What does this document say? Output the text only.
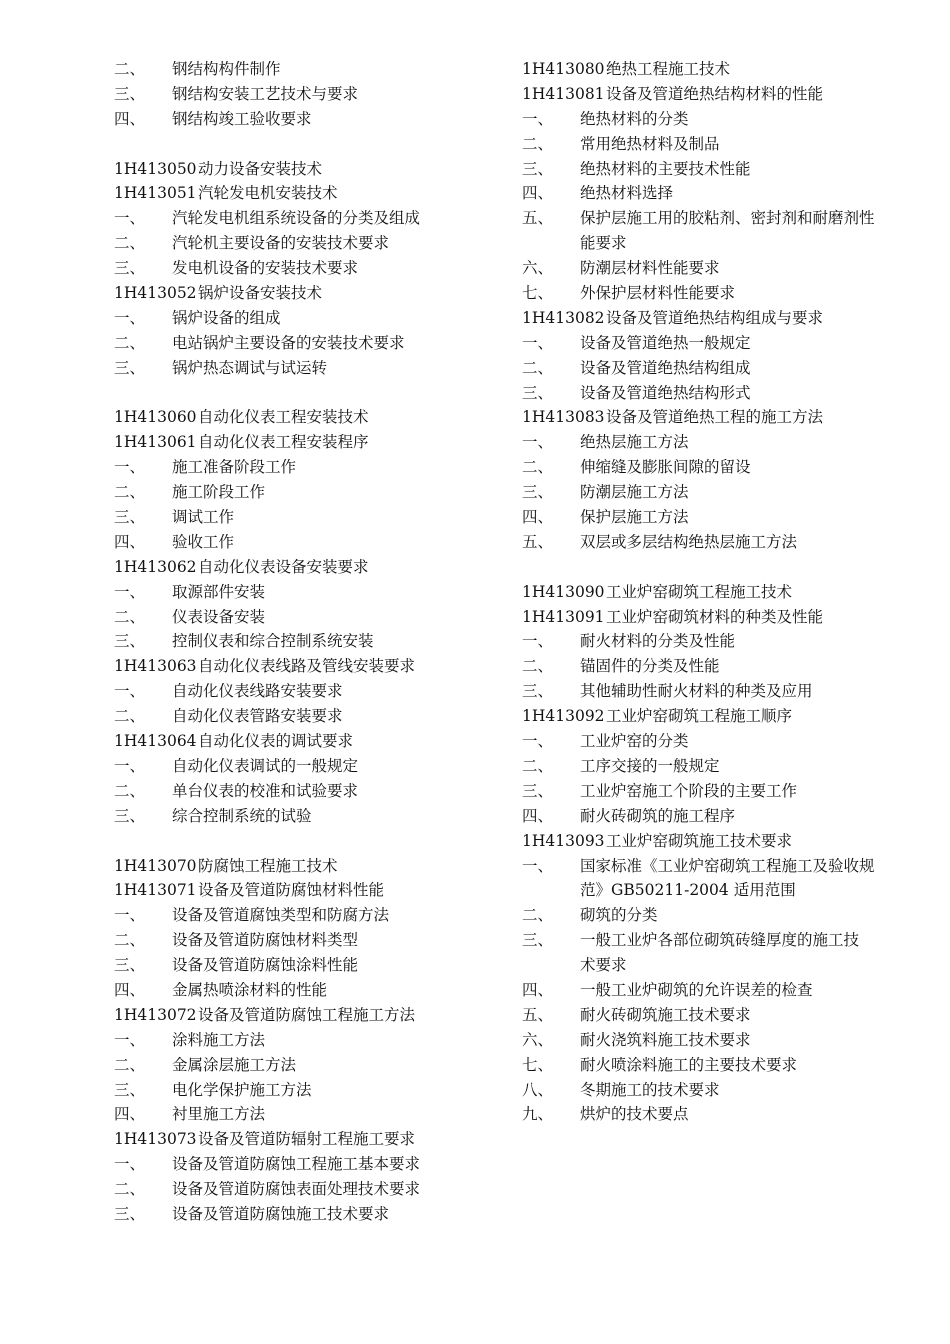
二、 钢结构构件制作
三、 钢结构安装工艺技术与要求
四、 钢结构竣工验收要求
1H413050 动力设备安装技术
1H413051 汽轮发电机安装技术
一、 汽轮发电机组系统设备的分类及组成
二、 汽轮机主要设备的安装技术要求
三、 发电机设备的安装技术要求
1H413052 锅炉设备安装技术
一、 锅炉设备的组成
二、 电站锅炉主要设备的安装技术要求
三、 锅炉热态调试与试运转
1H413060 自动化仪表工程安装技术
1H413061 自动化仪表工程安装程序
一、 施工准备阶段工作
二、 施工阶段工作
三、 调试工作
四、 验收工作
1H413062 自动化仪表设备安装要求
一、 取源部件安装
二、 仪表设备安装
三、 控制仪表和综合控制系统安装
1H413063 自动化仪表线路及管线安装要求
一、 自动化仪表线路安装要求
二、 自动化仪表管路安装要求
1H413064 自动化仪表的调试要求
一、 自动化仪表调试的一般规定
二、 单台仪表的校准和试验要求
三、 综合控制系统的试验
1H413070 防腐蚀工程施工技术
1H413071 设备及管道防腐蚀材料性能
一、 设备及管道腐蚀类型和防腐方法
二、 设备及管道防腐蚀材料类型
三、 设备及管道防腐蚀涂料性能
四、 金属热喷涂材料的性能
1H413072 设备及管道防腐蚀工程施工方法
一、 涂料施工方法
二、 金属涂层施工方法
三、 电化学保护施工方法
四、 衬里施工方法
1H413073 设备及管道防辐射工程施工要求
一、 设备及管道防腐蚀工程施工基本要求
二、 设备及管道防腐蚀表面处理技术要求
三、 设备及管道防腐蚀施工技术要求
1H413080 绝热工程施工技术
1H413081 设备及管道绝热结构材料的性能
一、 绝热材料的分类
二、 常用绝热材料及制品
三、 绝热材料的主要技术性能
四、 绝热材料选择
五、 保护层施工用的胶粘剂、密封剂和耐磨剂性
能要求
六、 防潮层材料性能要求
七、 外保护层材料性能要求
1H413082 设备及管道绝热结构组成与要求
一、 设备及管道绝热一般规定
二、 设备及管道绝热结构组成
三、 设备及管道绝热结构形式
1H413083 设备及管道绝热工程的施工方法
一、 绝热层施工方法
二、 伸缩缝及膨胀间隙的留设
三、 防潮层施工方法
四、 保护层施工方法
五、 双层或多层结构绝热层施工方法
1H413090 工业炉窑砌筑工程施工技术
1H413091 工业炉窑砌筑材料的种类及性能
一、 耐火材料的分类及性能
二、 锚固件的分类及性能
三、 其他辅助性耐火材料的种类及应用
1H413092 工业炉窑砌筑工程施工顺序
一、 工业炉窑的分类
二、 工序交接的一般规定
三、 工业炉窑施工个阶段的主要工作
四、 耐火砖砌筑的施工程序
1H413093 工业炉窑砌筑施工技术要求
一、 国家标准《工业炉窑砌筑工程施工及验收规
范》GB50211-2004 适用范围
二、 砌筑的分类
三、 一般工业炉各部位砌筑砖缝厚度的施工技
术要求
四、 一般工业炉砌筑的允许误差的检查
五、 耐火砖砌筑施工技术要求
六、 耐火浇筑料施工技术要求
七、 耐火喷涂料施工的主要技术要求
八、 冬期施工的技术要求
九、 烘炉的技术要点
